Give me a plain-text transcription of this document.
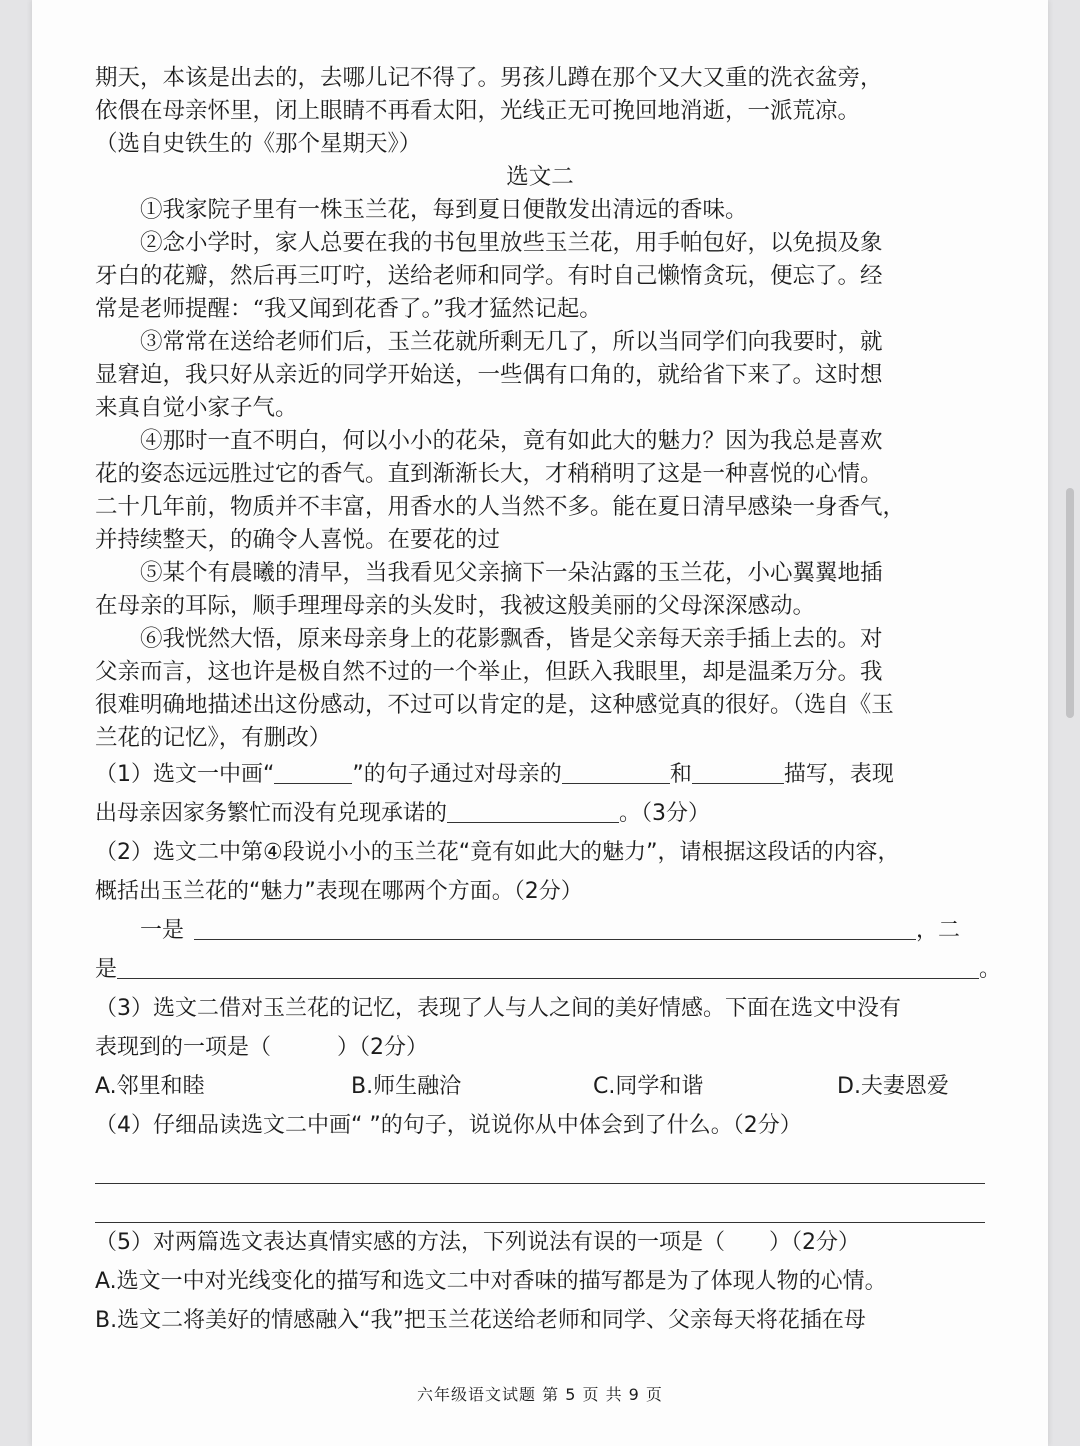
期天，本该是出去的，去哪儿记不得了。男孩儿蹲在那个又大又重的洗衣盆旁，
依偎在母亲怀里，闭上眼睛不再看太阳，光线正无可挽回地消逝，一派荒凉。
（选自史铁生的《那个星期天》）
选文二
①我家院子里有一株玉兰花，每到夏日便散发出清远的香味。
②念小学时，家人总要在我的书包里放些玉兰花，用手帕包好，以免损及象
牙白的花瓣，然后再三叮咛，送给老师和同学。有时自己懒惰贪玩，便忘了。经
常是老师提醒：“我又闻到花香了。”我才猛然记起。
③常常在送给老师们后，玉兰花就所剩无几了，所以当同学们向我要时，就
显窘迫，我只好从亲近的同学开始送，一些偶有口角的，就给省下来了。这时想
来真自觉小家子气。
④那时一直不明白，何以小小的花朵，竟有如此大的魅力？因为我总是喜欢
花的姿态远远胜过它的香气。直到渐渐长大，才稍稍明了这是一种喜悦的心情。
二十几年前，物质并不丰富，用香水的人当然不多。能在夏日清早感染一身香气，
并持续整天，的确令人喜悦。在要花的过
⑤某个有晨曦的清早，当我看见父亲摘下一朵沾露的玉兰花，小心翼翼地插
在母亲的耳际，顺手理理母亲的头发时，我被这般美丽的父母深深感动。
⑥我恍然大悟，原来母亲身上的花影飘香，皆是父亲每天亲手插上去的。对
父亲而言，这也许是极自然不过的一个举止，但跃入我眼里，却是温柔万分。我
很难明确地描述出这份感动，不过可以肯定的是，这种感觉真的很好。（选自《玉
兰花的记忆》，有删改）
（1）选文一中画“	”的句子通过对母亲的	和	描写，表现
出母亲因家务繁忙而没有兑现承诺的	。（3分）
（2）选文二中第④段说小小的玉兰花“竟有如此大的魅力”，请根据这段话的内容，
概括出玉兰花的“魅力”表现在哪两个方面。（2分）
一是	，二
是	。
（3）选文二借对玉兰花的记忆，表现了人与人之间的美好情感。下面在选文中没有
表现到的一项是（　　　）（2分）
A.邻里和睦	B.师生融洽	C.同学和谐	D.夫妻恩爱
（4）仔细品读选文二中画“ ”的句子，说说你从中体会到了什么。（2分）
（5）对两篇选文表达真情实感的方法，下列说法有误的一项是（　　）（2分）
A.选文一中对光线变化的描写和选文二中对香味的描写都是为了体现人物的心情。
B.选文二将美好的情感融入“我”把玉兰花送给老师和同学、父亲每天将花插在母
六年级语文试题 第 5 页 共 9 页
